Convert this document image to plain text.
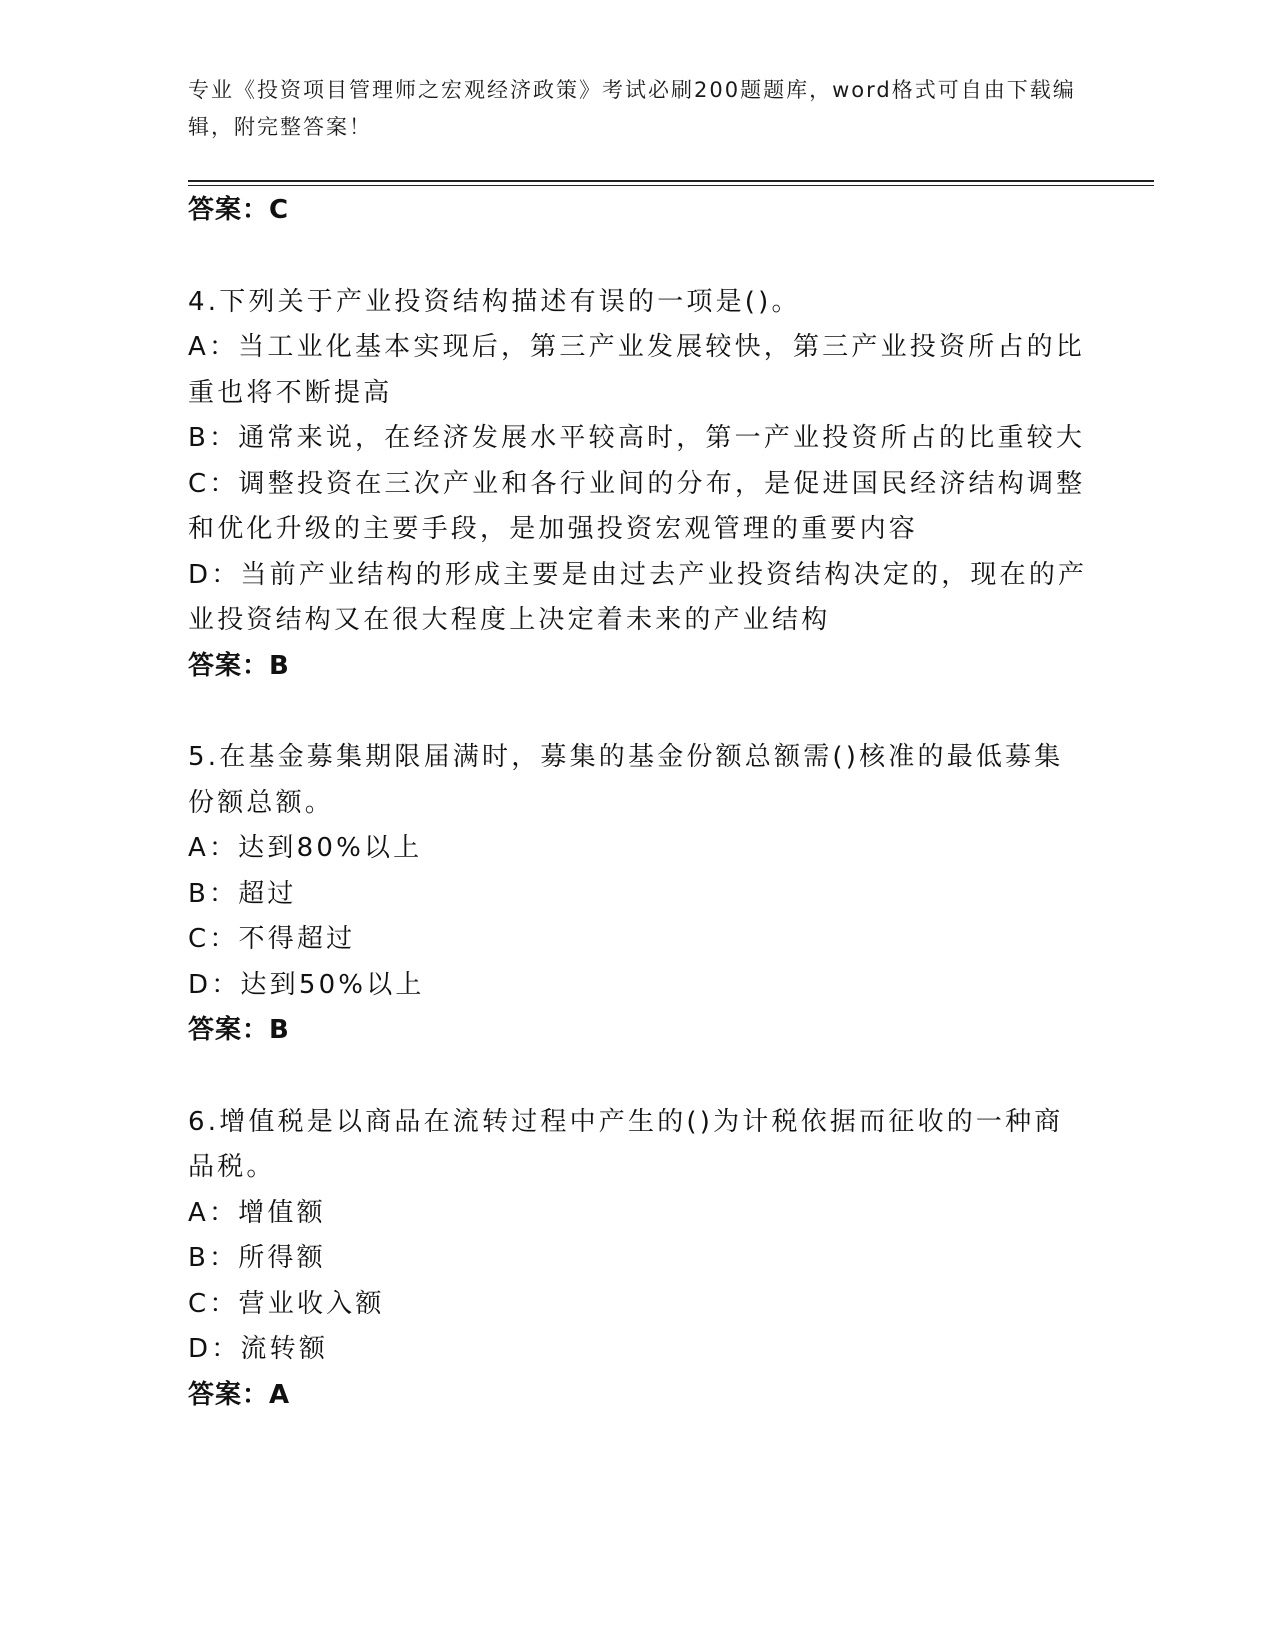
专业《投资项目管理师之宏观经济政策》考试必刷200题题库，word格式可自由下载编辑，附完整答案！
答案：C
4.下列关于产业投资结构描述有误的一项是()。
A：当工业化基本实现后，第三产业发展较快，第三产业投资所占的比重也将不断提高
B：通常来说，在经济发展水平较高时，第一产业投资所占的比重较大
C：调整投资在三次产业和各行业间的分布，是促进国民经济结构调整和优化升级的主要手段，是加强投资宏观管理的重要内容
D：当前产业结构的形成主要是由过去产业投资结构决定的，现在的产业投资结构又在很大程度上决定着未来的产业结构
答案：B
5.在基金募集期限届满时，募集的基金份额总额需()核准的最低募集份额总额。
A：达到80%以上
B：超过
C：不得超过
D：达到50%以上
答案：B
6.增值税是以商品在流转过程中产生的()为计税依据而征收的一种商品税。
A：增值额
B：所得额
C：营业收入额
D：流转额
答案：A
